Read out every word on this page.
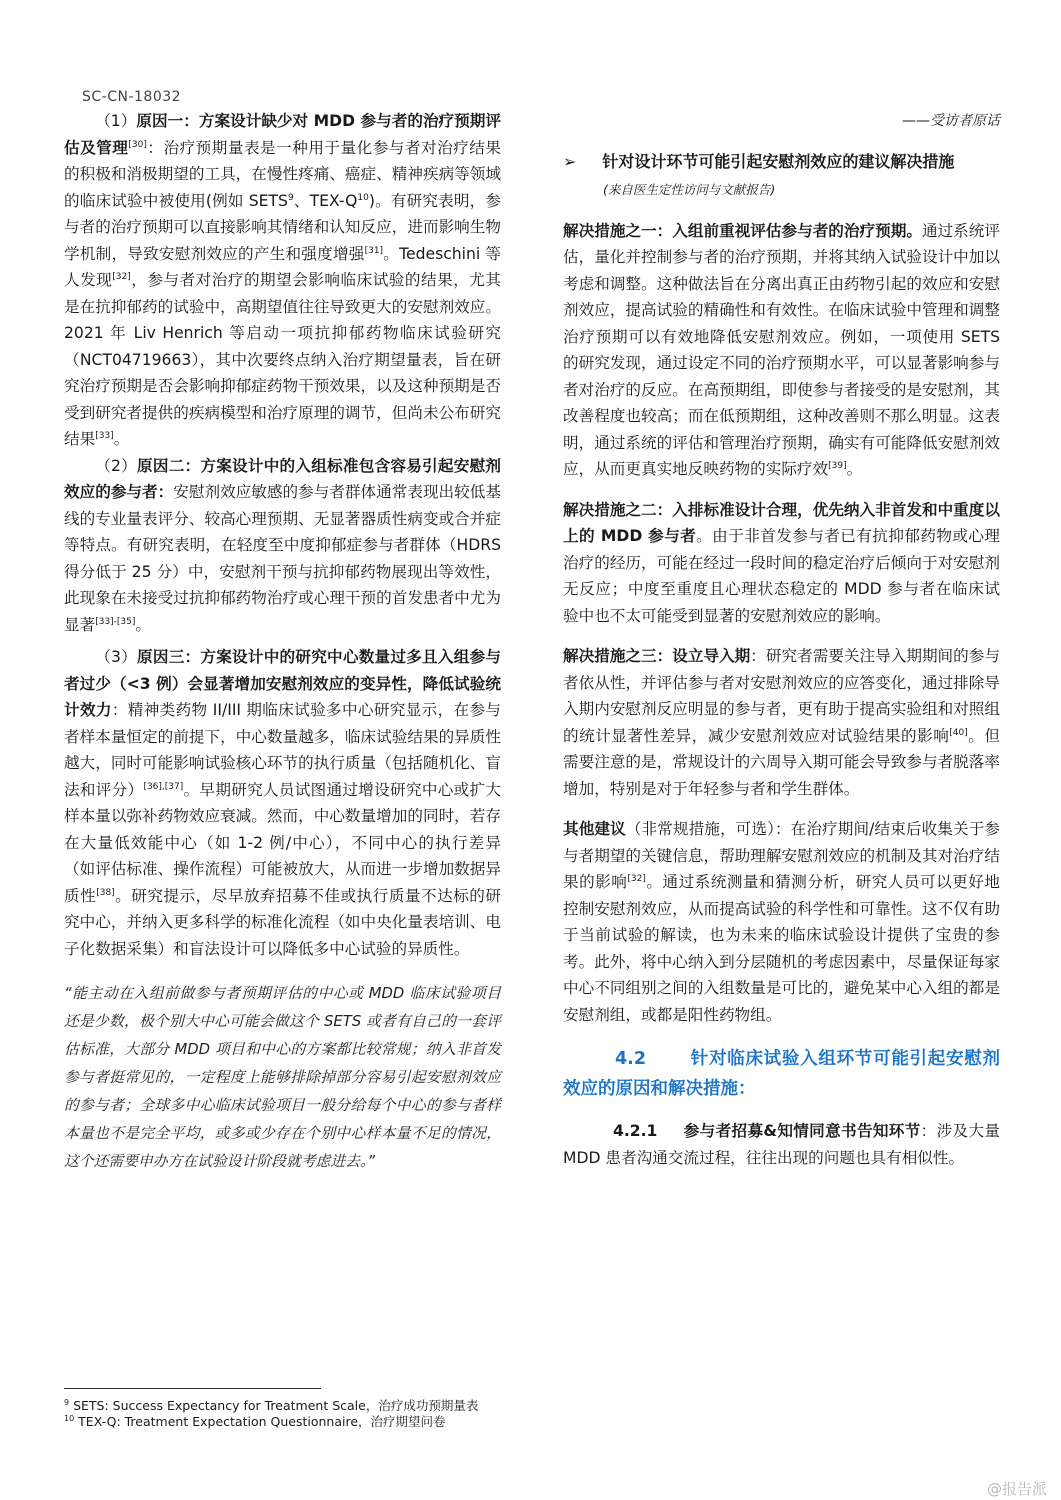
SC-CN-18032

（1）原因一：方案设计缺少对 MDD 参与者的治疗预期评估及管理[30]：治疗预期量表是一种用于量化参与者对治疗结果的积极和消极期望的工具，在慢性疼痛、癌症、精神疾病等领域的临床试验中被使用(例如 SETS$^9$、TEX-$Q^{10}$)。有研究表明，参与者的治疗预期可以直接影响其情绪和认知反应，进而影响生物学机制，导致安慰剂效应的产生和强度增强[31]。Tedeschini 等人发现[32]，参与者对治疗的期望会影响临床试验的结果，尤其是在抗抑郁药的试验中，高期望值往往导致更大的安慰剂效应。2021 年 Liv Henrich 等启动一项抗抑郁药物临床试验研究（NCT04719663），其中次要终点纳入治疗期望量表，旨在研究治疗预期是否会影响抑郁症药物干预效果，以及这种预期是否受到研究者提供的疾病模型和治疗原理的调节，但尚未公布研究结果[33]。

（2）原因二：方案设计中的入组标准包含容易引起安慰剂效应的参与者：安慰剂效应敏感的参与者群体通常表现出较低基线的专业量表评分、较高心理预期、无显著器质性病变或合并症等特点。有研究表明，在轻度至中度抑郁症参与者群体（HDRS 得分低于 25 分）中，安慰剂干预与抗抑郁药物展现出等效性，此现象在未接受过抗抑郁药物治疗或心理干预的首发患者中尤为显著[33]-[35]。

（3）原因三：方案设计中的研究中心数量过多且入组参与者过少（<3 例）会显著增加安慰剂效应的变异性，降低试验统计效力：精神类药物 II/III 期临床试验多中心研究显示，在参与者样本量恒定的前提下，中心数量越多，临床试验结果的异质性越大，同时可能影响试验核心环节的执行质量（包括随机化、盲法和评分）[36],[37]。早期研究人员试图通过增设研究中心或扩大样本量以弥补药物效应衰减。然而，中心数量增加的同时，若存在大量低效能中心（如 1-2 例/中心），不同中心的执行差异（如评估标准、操作流程）可能被放大，从而进一步增加数据异质性[38]。研究提示，尽早放弃招募不佳或执行质量不达标的研究中心，并纳入更多科学的标准化流程（如中央化量表培训、电子化数据采集）和盲法设计可以降低多中心试验的异质性。

“能主动在入组前做参与者预期评估的中心或 MDD 临床试验项目还是少数，极个别大中心可能会做这个 SETS 或者有自己的一套评估标准，大部分 MDD 项目和中心的方案都比较常规；纳入非首发参与者挺常见的，一定程度上能够排除掉部分容易引起安慰剂效应的参与者；全球多中心临床试验项目一般分给每个中心的参与者样本量也不是完全平均，或多或少存在个别中心样本量不足的情况，这个还需要申办方在试验设计阶段就考虑进去。”

——受访者原话
➢ 针对设计环节可能引起安慰剂效应的建议解决措施
(来自医生定性访问与文献报告)

解决措施之一：入组前重视评估参与者的治疗预期。通过系统评估，量化并控制参与者的治疗预期，并将其纳入试验设计中加以考虑和调整。这种做法旨在分离出真正由药物引起的效应和安慰剂效应，提高试验的精确性和有效性。在临床试验中管理和调整治疗预期可以有效地降低安慰剂效应。例如，一项使用 SETS 的研究发现，通过设定不同的治疗预期水平，可以显著影响参与者对治疗的反应。在高预期组，即使参与者接受的是安慰剂，其改善程度也较高；而在低预期组，这种改善则不那么明显。这表明，通过系统的评估和管理治疗预期，确实有可能降低安慰剂效应，从而更真实地反映药物的实际疗效[39]。

解决措施之二：入排标准设计合理，优先纳入非首发和中重度以上的 MDD 参与者。由于非首发参与者已有抗抑郁药物或心理治疗的经历，可能在经过一段时间的稳定治疗后倾向于对安慰剂无反应；中度至重度且心理状态稳定的 MDD 参与者在临床试验中也不太可能受到显著的安慰剂效应的影响。

解决措施之三：设立导入期：研究者需要关注导入期期间的参与者依从性，并评估参与者对安慰剂效应的应答变化，通过排除导入期内安慰剂反应明显的参与者，更有助于提高实验组和对照组的统计显著性差异，减少安慰剂效应对试验结果的影响[40]。但需要注意的是，常规设计的六周导入期可能会导致参与者脱落率增加，特别是对于年轻参与者和学生群体。

其他建议（非常规措施，可选）：在治疗期间/结束后收集关于参与者期望的关键信息，帮助理解安慰剂效应的机制及其对治疗结果的影响[32]。通过系统测量和猜测分析，研究人员可以更好地控制安慰剂效应，从而提高试验的科学性和可靠性。这不仅有助于当前试验的解读，也为未来的临床试验设计提供了宝贵的参考。此外，将中心纳入到分层随机的考虑因素中，尽量保证每家中心不同组别之间的入组数量是可比的，避免某中心入组的都是安慰剂组，或都是阳性药物组。

4.2	针对临床试验入组环节可能引起安慰剂效应的原因和解决措施：

4.2.1 参与者招募&知情同意书告知环节：涉及大量 MDD 患者沟通交流过程，往往出现的问题也具有相似性。

$^9$ SETS: Success Expectancy for Treatment Scale，治疗成功预期量表
$^{10}$ TEX-Q: Treatment Expectation Questionnaire，治疗期望问卷
@报告派
